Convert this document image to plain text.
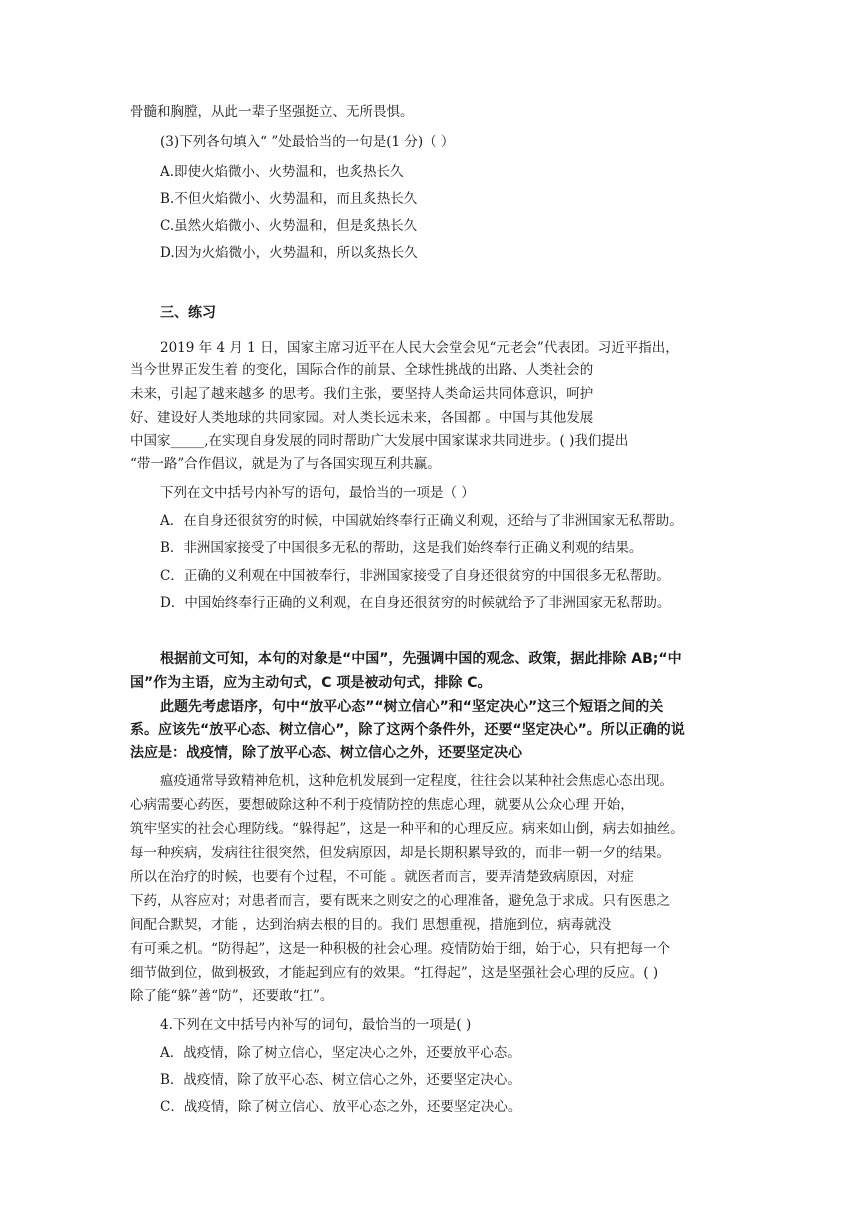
骨髓和胸膛，从此一辈子坚强挺立、无所畏惧。
(3)下列各句填入“ ”处最恰当的一句是(1 分)（ ）
A.即使火焰微小、火势温和，也炙热长久
B.不但火焰微小、火势温和，而且炙热长久
C.虽然火焰微小、火势温和，但是炙热长久
D.因为火焰微小，火势温和，所以炙热长久
三、练习
2019 年 4 月 1 日，国家主席习近平在人民大会堂会见“元老会”代表团。习近平指出，
当今世界正发生着 的变化，国际合作的前景、全球性挑战的出路、人类社会的
未来，引起了越来越多 的思考。我们主张，要坚持人类命运共同体意识，呵护
好、建设好人类地球的共同家园。对人类长远未来，各国都 。中国与其他发展
中国家_____,在实现自身发展的同时帮助广大发展中国家谋求共同进步。( )我们提出
“带一路”合作倡议，就是为了与各国实现互利共赢。
下列在文中括号内补写的语句，最恰当的一项是（ ）
A．在自身还很贫穷的时候，中国就始终奉行正确义利观，还给与了非洲国家无私帮助。
B．非洲国家接受了中国很多无私的帮助，这是我们始终奉行正确义利观的结果。
C．正确的义利观在中国被奉行，非洲国家接受了自身还很贫穷的中国很多无私帮助。
D．中国始终奉行正确的义利观，在自身还很贫穷的时候就给予了非洲国家无私帮助。
根据前文可知，本句的对象是“中国”，先强调中国的观念、政策，据此排除 AB;“中
国”作为主语，应为主动句式，C 项是被动句式，排除 C。
此题先考虑语序，句中“放平心态”“树立信心”和“坚定决心”这三个短语之间的关
系。应该先“放平心态、树立信心”，除了这两个条件外，还要“坚定决心”。所以正确的说
法应是：战疫情，除了放平心态、树立信心之外，还要坚定决心
瘟疫通常导致精神危机，这种危机发展到一定程度，往往会以某种社会焦虑心态出现。
心病需要心药医，要想破除这种不利于疫情防控的焦虑心理，就要从公众心理 开始，
筑牢坚实的社会心理防线。“躲得起”，这是一种平和的心理反应。病来如山倒，病去如抽丝。
每一种疾病，发病往往很突然，但发病原因，却是长期积累导致的，而非一朝一夕的结果。
所以在治疗的时候，也要有个过程，不可能 。就医者而言，要弄清楚致病原因，对症
下药，从容应对；对患者而言，要有既来之则安之的心理准备，避免急于求成。只有医患之
间配合默契，才能 ，达到治病去根的目的。我们 思想重视，措施到位，病毒就没
有可乘之机。“防得起”，这是一种积极的社会心理。疫情防始于细，始于心，只有把每一个
细节做到位，做到极致，才能起到应有的效果。“扛得起”，这是坚强社会心理的反应。( )
除了能“躲”善“防”，还要敢“扛”。
4.下列在文中括号内补写的词句，最恰当的一项是( )
A．战疫情，除了树立信心，坚定决心之外，还要放平心态。
B．战疫情，除了放平心态、树立信心之外，还要坚定决心。
C．战疫情，除了树立信心、放平心态之外，还要坚定决心。
